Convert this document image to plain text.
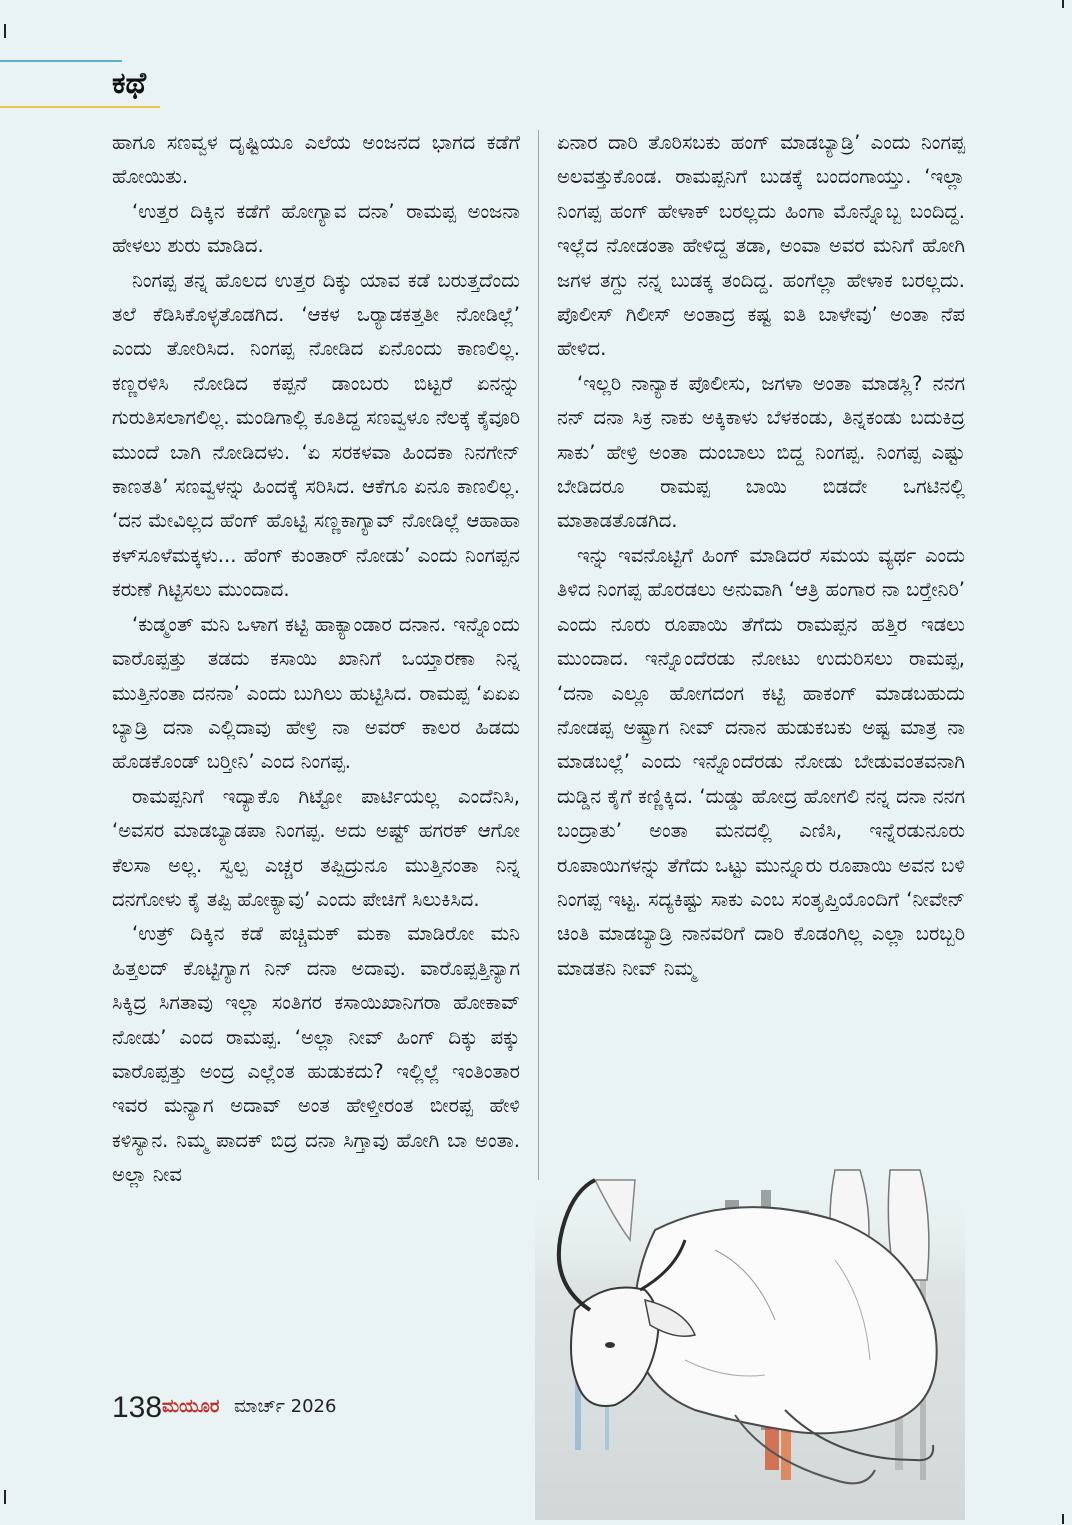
ಕಥೆ

ಹಾಗೂ ಸಣವ್ವಳ ದೃಷ್ಟಿಯೂ ಎಲೆಯ ಅಂಜನದ ಭಾಗದ ಕಡೆಗೆ ಹೋಯಿತು.

‘ಉತ್ತರ ದಿಕ್ಕಿನ ಕಡೆಗೆ ಹೋಗ್ಯಾವ ದನಾ’ ರಾಮಪ್ಪ ಅಂಜನಾ ಹೇಳಲು ಶುರು ಮಾಡಿದ.

ನಿಂಗಪ್ಪ ತನ್ನ ಹೊಲದ ಉತ್ತರ ದಿಕ್ಕು ಯಾವ ಕಡೆ ಬರುತ್ತದೆಂದು ತಲೆ ಕೆಡಿಸಿಕೊಳ್ಳತೊಡಗಿದ. ‘ಆಕಳ ಒರ್‍ಯಾಡಕತ್ತತೀ ನೋಡಿಲ್ಲೆ’ ಎಂದು ತೋರಿಸಿದ. ನಿಂಗಪ್ಪ ನೋಡಿದ ಏನೊಂದು ಕಾಣಲಿಲ್ಲ. ಕಣ್ಣರಳಿಸಿ ನೋಡಿದ ಕಪ್ಪನೆ ಡಾಂಬರು ಬಿಟ್ಟರೆ ಏನನ್ನು ಗುರುತಿಸಲಾಗಲಿಲ್ಲ. ಮಂಡಿಗಾಲ್ಲಿ ಕೂತಿದ್ದ ಸಣವ್ವಳೂ ನೆಲಕ್ಕೆ ಕೈವೂರಿ ಮುಂದೆ ಬಾಗಿ ನೋಡಿದಳು. ‘ಏ ಸರಕಳವಾ ಹಿಂದಕಾ ನಿನಗೇನ್ ಕಾಣತತಿ’ ಸಣವ್ವಳನ್ನು ಹಿಂದಕ್ಕೆ ಸರಿಸಿದ. ಆಕೆಗೂ ಏನೂ ಕಾಣಲಿಲ್ಲ. ‘ದನ ಮೇವಿಲ್ಲದ ಹೆಂಗ್ ಹೊಟ್ಟಿ ಸಣ್ಣಕಾಗ್ಯಾವ್ ನೋಡಿಲ್ಲೆ ಆಹಾಹಾ ಕಳ್‌ಸೂಳೆಮಕ್ಕಳು... ಹೆಂಗ್ ಕುಂತಾರ್ ನೋಡು’ ಎಂದು ನಿಂಗಪ್ಪನ ಕರುಣೆ ಗಿಟ್ಟಿಸಲು ಮುಂದಾದ.

‘ಕುಡ್ಮಂತ್ ಮನಿ ಒಳಾಗ ಕಟ್ಟಿ ಹಾಕ್ಯಾಂಡಾರ ದನಾನ. ಇನ್ನೊಂದು ವಾರೊಪ್ಪತ್ತು ತಡದು ಕಸಾಯಿ ಖಾನಿಗೆ ಒಯ್ತಾರಣಾ ನಿನ್ನ ಮುತ್ತಿನಂತಾ ದನನಾ’ ಎಂದು ಬುಗಿಲು ಹುಟ್ಟಿಸಿದ. ರಾಮಪ್ಪ ‘ಏಏಏ ಬ್ಯಾಡ್ರಿ ದನಾ ಎಲ್ಲಿದಾವು ಹೇಳ್ರಿ ನಾ ಅವರ್ ಕಾಲರ ಹಿಡದು ಹೊಡಕೊಂಡ್ ಬರ್‍ತೀನಿ’ ಎಂದ ನಿಂಗಪ್ಪ.

ರಾಮಪ್ಪನಿಗೆ ಇದ್ಯಾಕೊ ಗಿಟ್ಟೋ ಪಾರ್ಟಿಯಲ್ಲ ಎಂದೆನಿಸಿ, ‘ಅವಸರ ಮಾಡಬ್ಯಾಡಪಾ ನಿಂಗಪ್ಪ. ಅದು ಅಷ್ಟ್ ಹಗರಕ್ ಆಗೋ ಕೆಲಸಾ ಅಲ್ಲ. ಸ್ವಲ್ಪ ಎಚ್ಚರ ತಪ್ಪಿದ್ರುನೂ ಮುತ್ತಿನಂತಾ ನಿನ್ನ ದನಗೋಳು ಕೈ ತಪ್ಪಿ ಹೋಕ್ಯಾವು’ ಎಂದು ಪೇಚಿಗೆ ಸಿಲುಕಿಸಿದ.

‘ಉತ್ರ್ ದಿಕ್ಕಿನ ಕಡೆ ಪಚ್ಚಿಮಕ್ ಮಕಾ ಮಾಡಿರೋ ಮನಿ ಹಿತ್ತಲದ್ ಕೊಟ್ಟಿಗ್ಯಾಗ ನಿನ್ ದನಾ ಅದಾವು. ವಾರೊಪ್ಪತ್ತಿನ್ಯಾಗ ಸಿಕ್ಕಿದ್ರ ಸಿಗತಾವು ಇಲ್ಲಾ ಸಂತಿಗರ ಕಸಾಯಿಖಾನಿಗರಾ ಹೋಕಾವ್ ನೋಡು’ ಎಂದ ರಾಮಪ್ಪ. ‘ಅಲ್ಲಾ ನೀವ್ ಹಿಂಗ್ ದಿಕ್ಕು ಪಕ್ಕು ವಾರೊಪ್ಪತ್ತು ಅಂದ್ರ ಎಲ್ಲೆಂತ ಹುಡುಕದು? ಇಲ್ಲಿಲ್ಲೆ ಇಂತಿಂತಾರ ಇವರ ಮನ್ಯಾಗ ಅದಾವ್ ಅಂತ ಹೇಳ್ತೀರಂತ ಬೀರಪ್ಪ ಹೇಳಿ ಕಳಿಸ್ಯಾನ. ನಿಮ್ಮ ಪಾದಕ್ ಬಿದ್ರ ದನಾ ಸಿಗ್ತಾವು ಹೋಗಿ ಬಾ ಅಂತಾ. ಅಲ್ಲಾ ನೀವ

ಏನಾರ ದಾರಿ ತೊರಿಸಬಕು ಹಂಗ್ ಮಾಡಬ್ಯಾಡ್ರಿ’ ಎಂದು ನಿಂಗಪ್ಪ ಅಲವತ್ತುಕೊಂಡ. ರಾಮಪ್ಪನಿಗೆ ಬುಡಕ್ಕೆ ಬಂದಂಗಾಯ್ತು. ‘ಇಲ್ಲಾ ನಿಂಗಪ್ಪ ಹಂಗ್ ಹೇಳಾಕ್ ಬರಲ್ಲದು ಹಿಂಗಾ ಮೊನ್ನೊಬ್ಬ ಬಂದಿದ್ದ. ಇಲ್ಲೆದ ನೋಡಂತಾ ಹೇಳಿದ್ದ ತಡಾ, ಅಂವಾ ಅವರ ಮನಿಗೆ ಹೋಗಿ ಜಗಳ ತಗ್ದು ನನ್ನ ಬುಡಕ್ಕ ತಂದಿದ್ದ. ಹಂಗೆಲ್ಲಾ ಹೇಳಾಕ ಬರಲ್ಲದು. ಪೊಲೀಸ್ ಗಿಲೀಸ್ ಅಂತಾದ್ರ ಕಷ್ಟ ಐತಿ ಬಾಳೇವು’ ಅಂತಾ ನೆಪ ಹೇಳಿದ.

‘ಇಲ್ಲರಿ ನಾನ್ಯಾಕ ಪೊಲೀಸು, ಜಗಳಾ ಅಂತಾ ಮಾಡಸ್ಲಿ? ನನಗ ನನ್ ದನಾ ಸಿಕ್ರ ನಾಕು ಅಕ್ಕಿಕಾಳು ಬೆಳಕಂಡು, ತಿನ್ನಕಂಡು ಬದುಕಿದ್ರ ಸಾಕು’ ಹೇಳ್ರಿ ಅಂತಾ ದುಂಬಾಲು ಬಿದ್ದ ನಿಂಗಪ್ಪ. ನಿಂಗಪ್ಪ ಎಷ್ಟು ಬೇಡಿದರೂ ರಾಮಪ್ಪ ಬಾಯಿ ಬಿಡದೇ ಒಗಟಿನಲ್ಲಿ ಮಾತಾಡತೊಡಗಿದ.

ಇನ್ನು ಇವನೊಟ್ಟಿಗೆ ಹಿಂಗ್ ಮಾಡಿದರೆ ಸಮಯ ವ್ಯರ್ಥ ಎಂದು ತಿಳಿದ ನಿಂಗಪ್ಪ ಹೊರಡಲು ಅನುವಾಗಿ ‘ಆತ್ರಿ ಹಂಗಾರ ನಾ ಬರ್‍ತೇನಿರಿ’ ಎಂದು ನೂರು ರೂಪಾಯಿ ತೆಗೆದು ರಾಮಪ್ಪನ ಹತ್ತಿರ ಇಡಲು ಮುಂದಾದ. ಇನ್ನೊಂದೆರಡು ನೋಟು ಉದುರಿಸಲು ರಾಮಪ್ಪ, ‘ದನಾ ಎಲ್ಲೂ ಹೋಗದಂಗ ಕಟ್ಟಿ ಹಾಕಂಗ್ ಮಾಡಬಹುದು ನೋಡಪ್ಪ ಅಷ್ಟ್ರಾಗ ನೀವ್ ದನಾನ ಹುಡುಕಬಕು ಅಷ್ಟ ಮಾತ್ರ ನಾ ಮಾಡಬಲ್ಲೆ’ ಎಂದು ಇನ್ನೊಂದೆರಡು ನೋಡು ಬೇಡುವಂತವನಾಗಿ ದುಡ್ಡಿನ ಕೈಗೆ ಕಣ್ಣಿಕ್ಕಿದ. ‘ದುಡ್ಡು ಹೋದ್ರ ಹೋಗಲಿ ನನ್ನ ದನಾ ನನಗ ಬಂದ್ರಾತು’ ಅಂತಾ ಮನದಲ್ಲಿ ಎಣಿಸಿ, ಇನ್ನೆರಡುನೂರು ರೂಪಾಯಿಗಳನ್ನು ತೆಗೆದು ಒಟ್ಟು ಮುನ್ನೂರು ರೂಪಾಯಿ ಅವನ ಬಳಿ ನಿಂಗಪ್ಪ ಇಟ್ಟ. ಸದ್ಯಕಿಷ್ಟು ಸಾಕು ಎಂಬ ಸಂತೃಪ್ತಿಯೊಂದಿಗೆ ‘ನೀವೇನ್ ಚಿಂತಿ ಮಾಡಬ್ಯಾಡ್ರಿ ನಾನವರಿಗೆ ದಾರಿ ಕೊಡಂಗಿಲ್ಲ ಎಲ್ಲಾ ಬರಬ್ಬರಿ ಮಾಡತನಿ ನೀವ್ ನಿಮ್ಮ

138 ಮಯೂರ ಮಾರ್ಚ್ 2026
